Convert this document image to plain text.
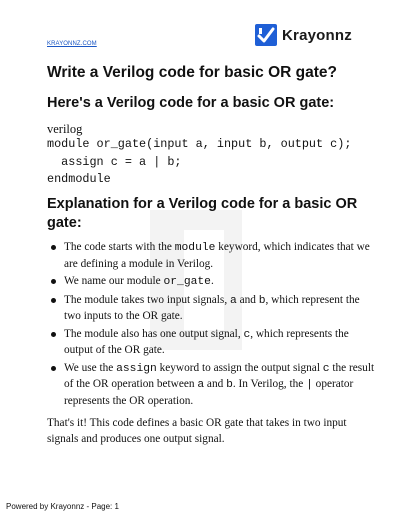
KRAYONNZ.COM
Krayonnz
Write a Verilog code for basic OR gate?
Here's a Verilog code for a basic OR gate:
verilog
module or_gate(input a, input b, output c);
assign c = a | b;
endmodule
Explanation for a Verilog code for a basic OR gate:
The code starts with the module keyword, which indicates that we are defining a module in Verilog.
We name our module or_gate.
The module takes two input signals, a and b, which represent the two inputs to the OR gate.
The module also has one output signal, c, which represents the output of the OR gate.
We use the assign keyword to assign the output signal c the result of the OR operation between a and b. In Verilog, the | operator represents the OR operation.
That's it! This code defines a basic OR gate that takes in two input signals and produces one output signal.
Powered by Krayonnz - Page: 1
